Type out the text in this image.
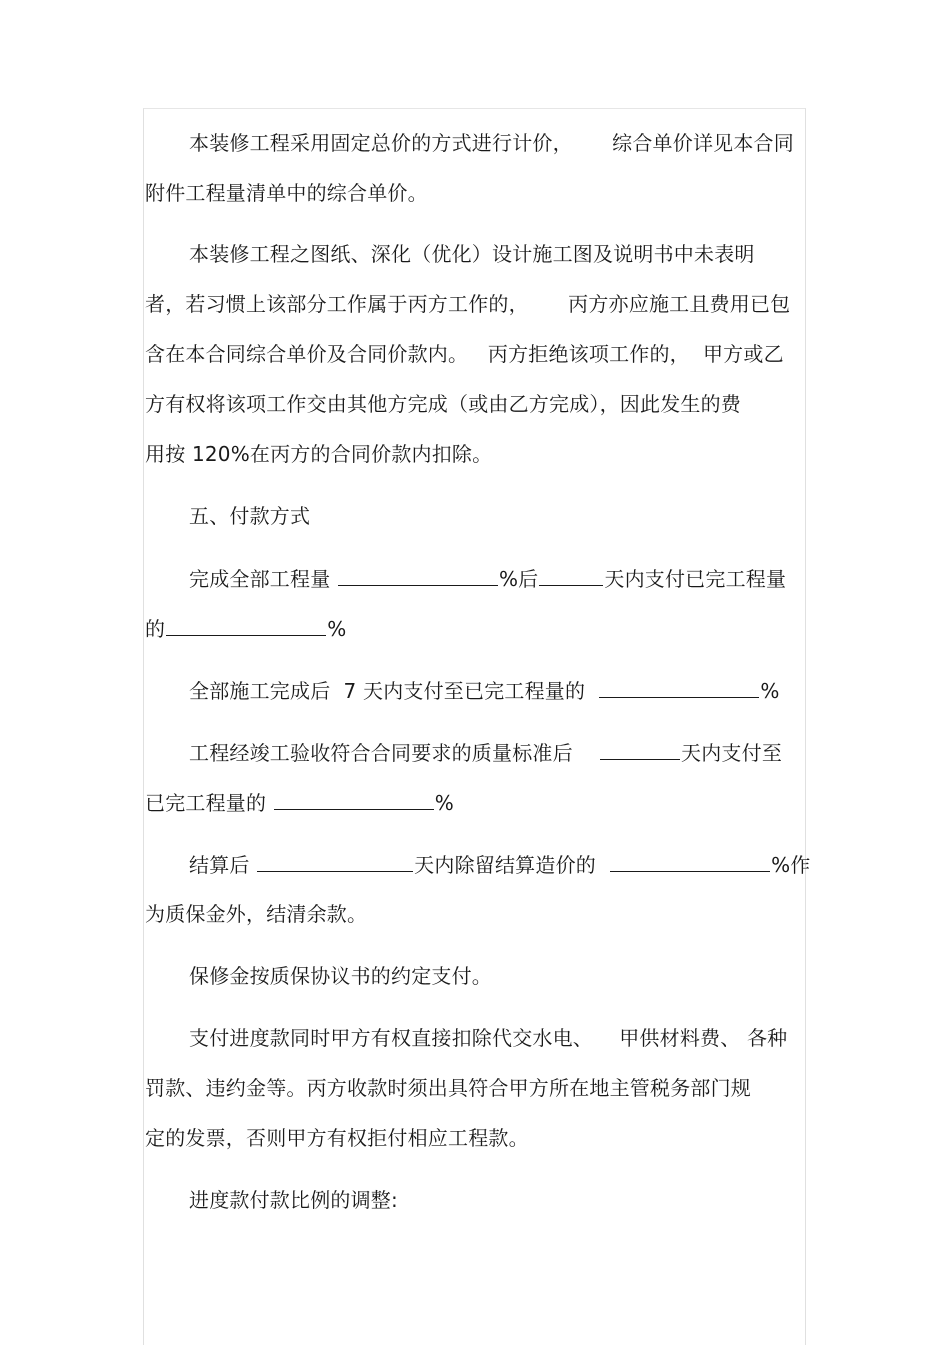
本装修工程采用固定总价的方式进行计价，      综合单价详见本合同
附件工程量清单中的综合单价。
本装修工程之图纸、深化（优化）设计施工图及说明书中未表明
者，若习惯上该部分工作属于丙方工作的，      丙方亦应施工且费用已包
含在本合同综合单价及合同价款内。   丙方拒绝该项工作的，  甲方或乙
方有权将该项工作交由其他方完成（或由乙方完成），因此发生的费
用按 120%在丙方的合同价款内扣除。
五、付款方式
完成全部工程量	%后	天内支付已完工程量
的	%
全部施工完成后  7 天内支付至已完工程量的	%
工程经竣工验收符合合同要求的质量标准后	天内支付至
已完工程量的	%
结算后	天内除留结算造价的	%作
为质保金外，结清余款。
保修金按质保协议书的约定支付。
支付进度款同时甲方有权直接扣除代交水电、    甲供材料费、 各种
罚款、违约金等。丙方收款时须出具符合甲方所在地主管税务部门规
定的发票，否则甲方有权拒付相应工程款。
进度款付款比例的调整:
